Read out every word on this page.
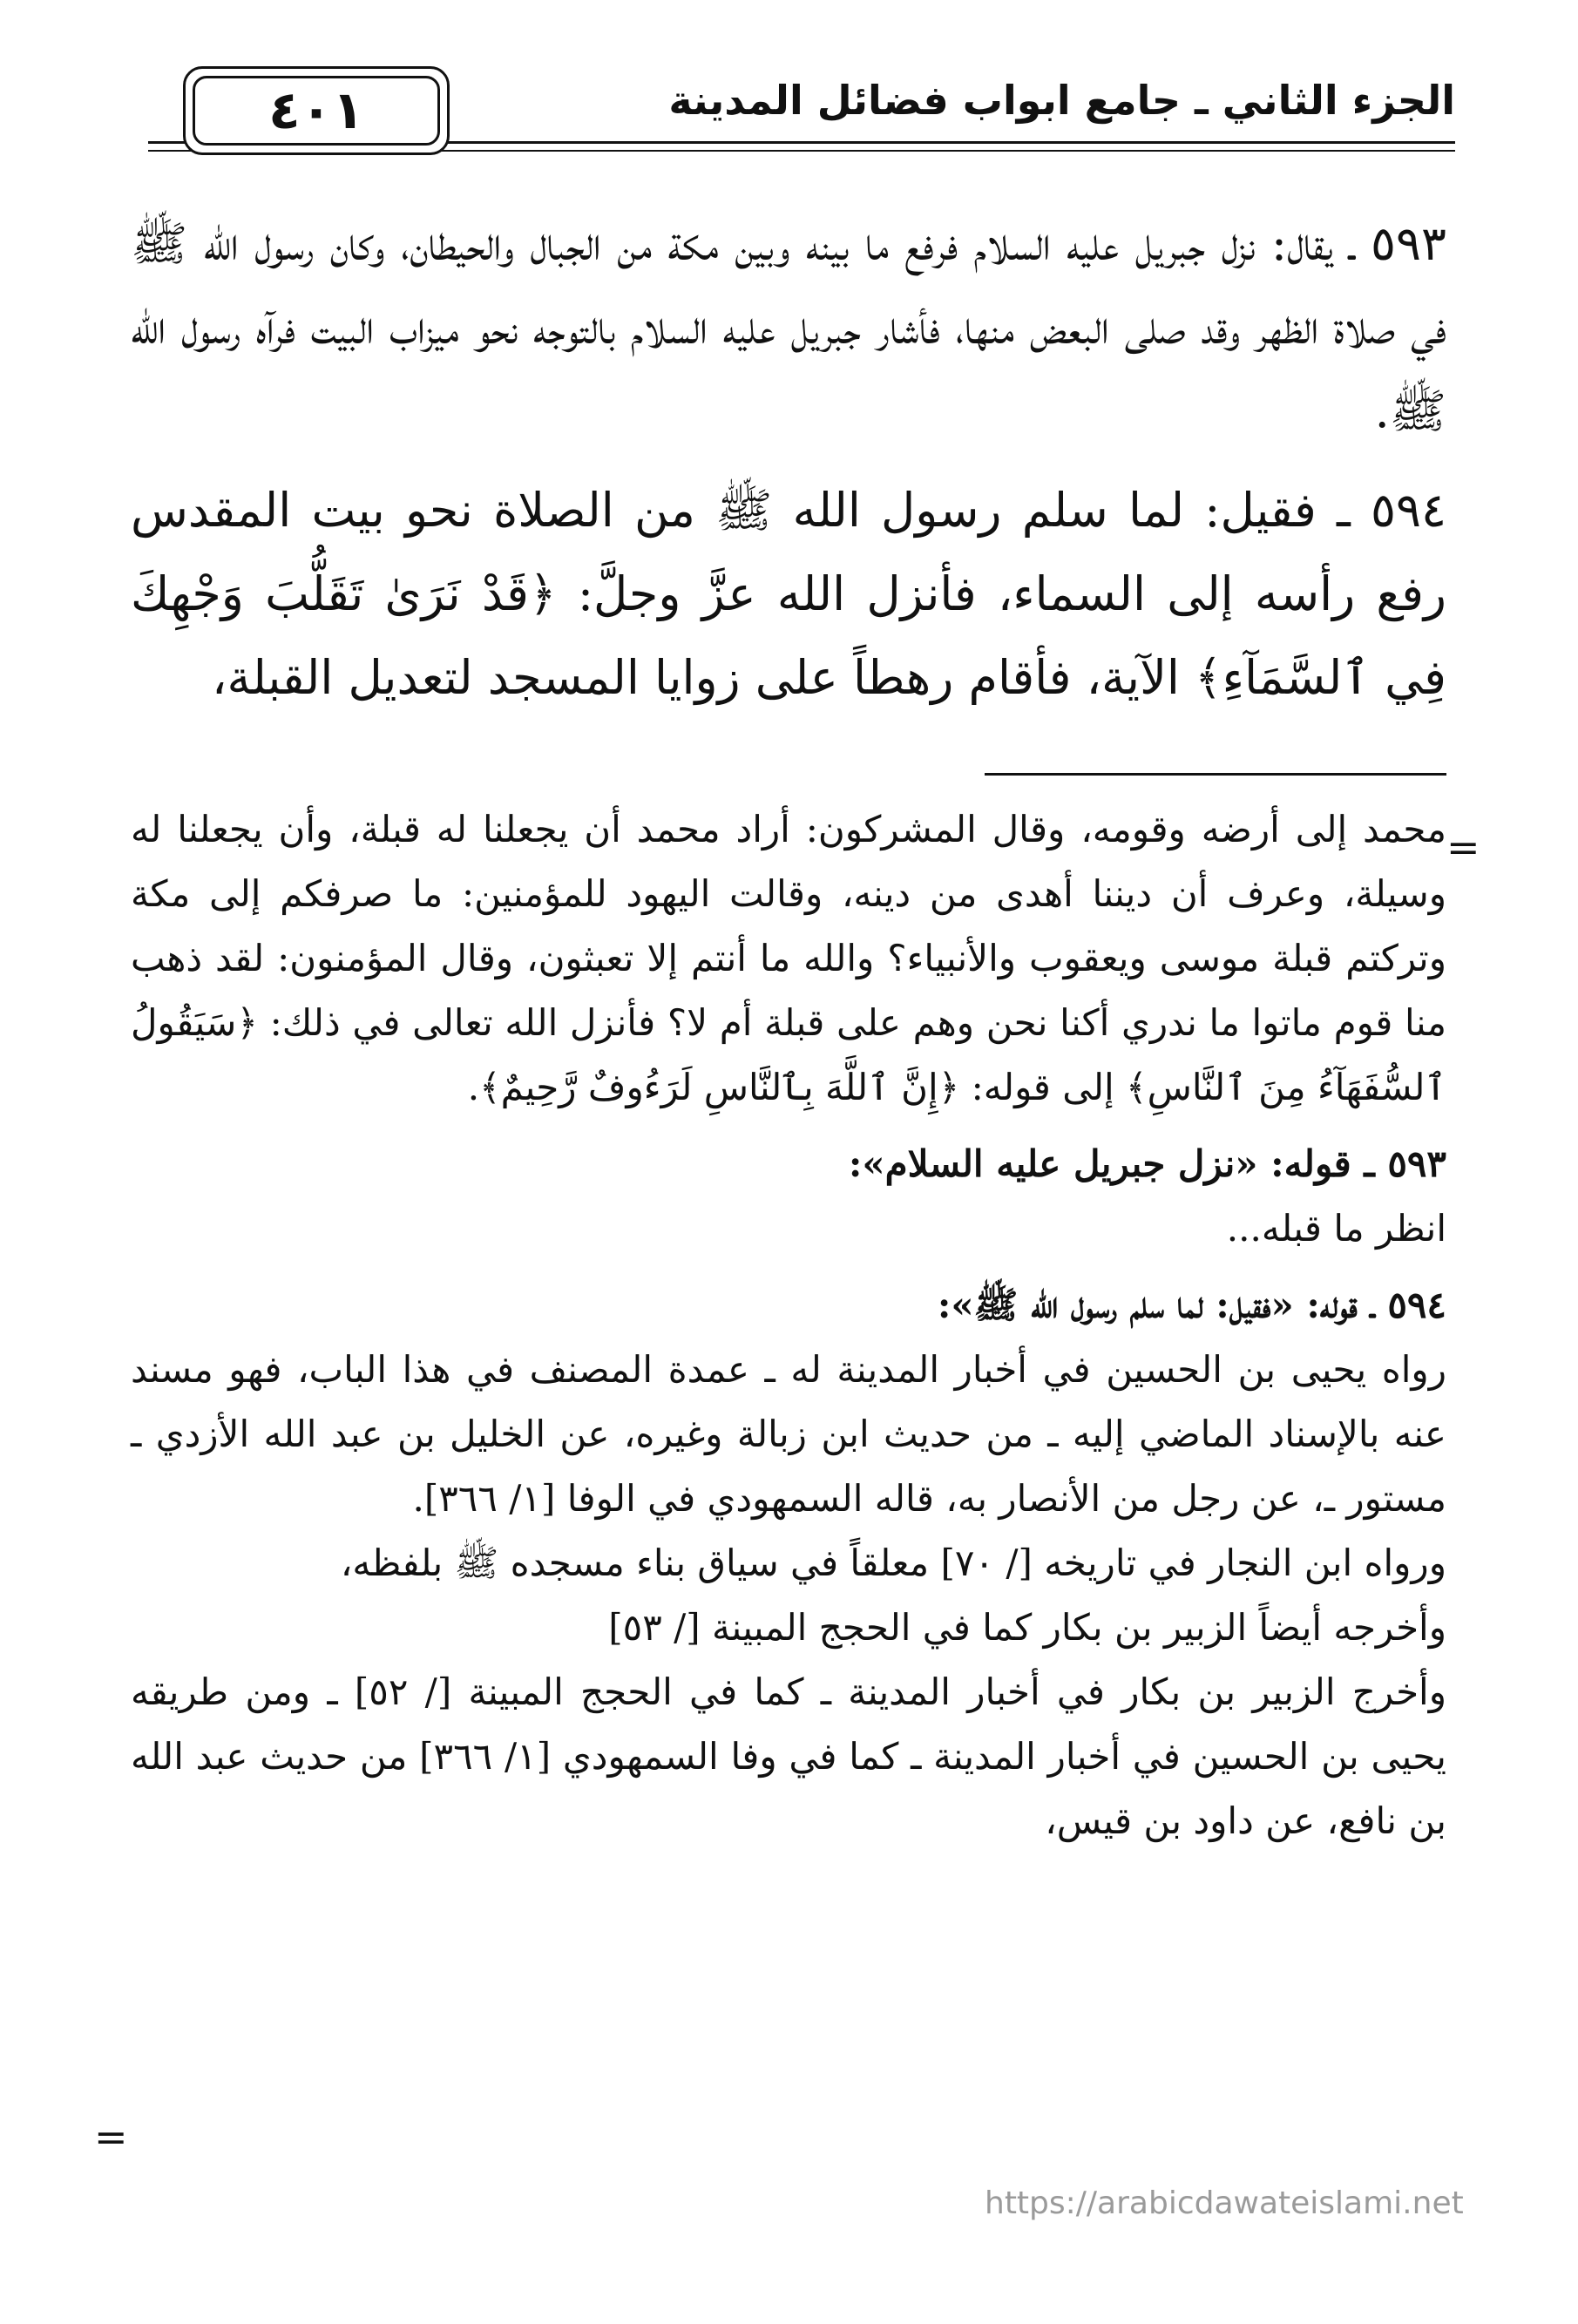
الجزء الثاني ـ جامع ابواب فضائل المدينة
٤٠١

٥٩٣ ـ يقال: نزل جبريل عليه السلام فرفع ما بينه وبين مكة من الجبال والحيطان، وكان رسول الله ﷺ في صلاة الظهر وقد صلى البعض منها، فأشار جبريل عليه السلام بالتوجه نحو ميزاب البيت فرآه رسول الله ﷺ.

٥٩٤ ـ فقيل: لما سلم رسول الله ﷺ من الصلاة نحو بيت المقدس رفع رأسه إلى السماء، فأنزل الله عزَّ وجلَّ: ﴿قَدْ نَرَىٰ تَقَلُّبَ وَجْهِكَ فِي ٱلسَّمَآءِ﴾ الآية، فأقام رهطاً على زوايا المسجد لتعديل القبلة،

=

محمد إلى أرضه وقومه، وقال المشركون: أراد محمد أن يجعلنا له قبلة، وأن يجعلنا له وسيلة، وعرف أن ديننا أهدى من دينه، وقالت اليهود للمؤمنين: ما صرفكم إلى مكة وتركتم قبلة موسى ويعقوب والأنبياء؟ والله ما أنتم إلا تعبثون، وقال المؤمنون: لقد ذهب منا قوم ماتوا ما ندري أكنا نحن وهم على قبلة أم لا؟ فأنزل الله تعالى في ذلك: ﴿سَيَقُولُ ٱلسُّفَهَآءُ مِنَ ٱلنَّاسِ﴾ إلى قوله: ﴿إِنَّ ٱللَّهَ بِٱلنَّاسِ لَرَءُوفٌ رَّحِيمٌ﴾.

٥٩٣ ـ قوله: «نزل جبريل عليه السلام»:

انظر ما قبله...

٥٩٤ ـ قوله: «فقيل: لما سلم رسول الله ﷺ»:

رواه يحيى بن الحسين في أخبار المدينة له ـ عمدة المصنف في هذا الباب، فهو مسند عنه بالإسناد الماضي إليه ـ من حديث ابن زبالة وغيره، عن الخليل بن عبد الله الأزدي ـ مستور ـ، عن رجل من الأنصار به، قاله السمهودي في الوفا [١/ ٣٦٦].

ورواه ابن النجار في تاريخه [/ ٧٠] معلقاً في سياق بناء مسجده ﷺ بلفظه،

وأخرجه أيضاً الزبير بن بكار كما في الحجج المبينة [/ ٥٣]

وأخرج الزبير بن بكار في أخبار المدينة ـ كما في الحجج المبينة [/ ٥٢] ـ ومن طريقه يحيى بن الحسين في أخبار المدينة ـ كما في وفا السمهودي [١/ ٣٦٦] من حديث عبد الله بن نافع، عن داود بن قيس،

=
https://arabicdawateislami.net
